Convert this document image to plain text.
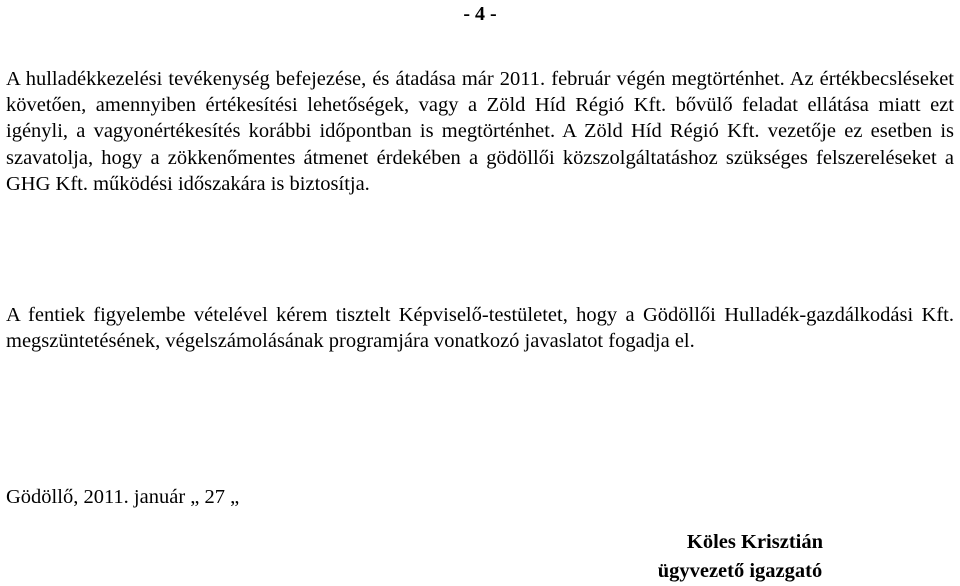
- 4 -
A hulladékkezelési tevékenység befejezése, és átadása már 2011. február végén megtörténhet. Az értékbecsléseket követően, amennyiben értékesítési lehetőségek, vagy a Zöld Híd Régió Kft. bővülő feladat ellátása miatt ezt igényli, a vagyonértékesítés korábbi időpontban is megtörténhet. A Zöld Híd Régió Kft. vezetője ez esetben is szavatolja, hogy a zökkenőmentes átmenet érdekében a gödöllői közszolgáltatáshoz szükséges felszereléseket a GHG Kft. működési időszakára is biztosítja.
A fentiek figyelembe vételével kérem tisztelt Képviselő-testületet, hogy a Gödöllői Hulladék-gazdálkodási Kft. megszüntetésének, végelszámolásának programjára vonatkozó javaslatot fogadja el.
Gödöllő, 2011. január „ 27 „
Köles Krisztián
ügyvezető igazgató
